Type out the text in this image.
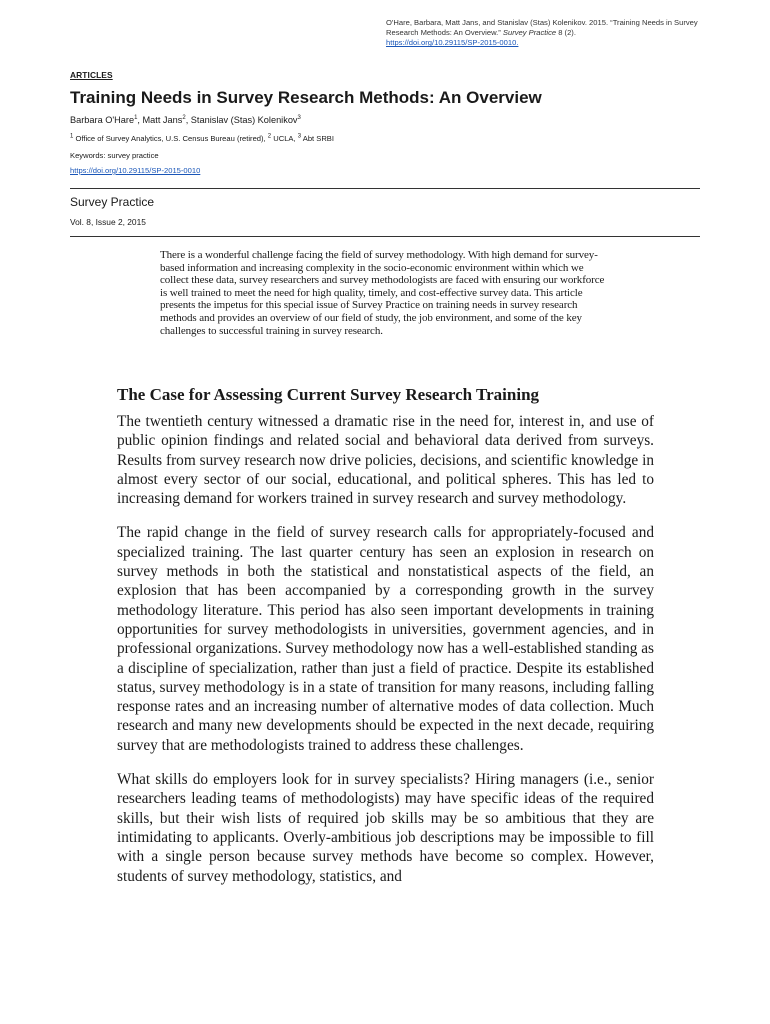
O'Hare, Barbara, Matt Jans, and Stanislav (Stas) Kolenikov. 2015. “Training Needs in Survey Research Methods: An Overview.” Survey Practice 8 (2).
https://doi.org/10.29115/SP-2015-0010.
ARTICLES
Training Needs in Survey Research Methods: An Overview
Barbara O'Hare$^1$, Matt Jans$^2$, Stanislav (Stas) Kolenikov$^3$
$^1$ Office of Survey Analytics, U.S. Census Bureau (retired), $^2$ UCLA, $^3$ Abt SRBI
Keywords: survey practice
https://doi.org/10.29115/SP-2015-0010
Survey Practice
Vol. 8, Issue 2, 2015

There is a wonderful challenge facing the field of survey methodology. With high demand for survey-based information and increasing complexity in the socio-economic environment within which we collect these data, survey researchers and survey methodologists are faced with ensuring our workforce is well trained to meet the need for high quality, timely, and cost-effective survey data. This article presents the impetus for this special issue of Survey Practice on training needs in survey research methods and provides an overview of our field of study, the job environment, and some of the key challenges to successful training in survey research.

The Case for Assessing Current Survey Research Training

The twentieth century witnessed a dramatic rise in the need for, interest in, and use of public opinion findings and related social and behavioral data derived from surveys. Results from survey research now drive policies, decisions, and scientific knowledge in almost every sector of our social, educational, and political spheres. This has led to increasing demand for workers trained in survey research and survey methodology.

The rapid change in the field of survey research calls for appropriately-focused and specialized training. The last quarter century has seen an explosion in research on survey methods in both the statistical and nonstatistical aspects of the field, an explosion that has been accompanied by a corresponding growth in the survey methodology literature. This period has also seen important developments in training opportunities for survey methodologists in universities, government agencies, and in professional organizations. Survey methodology now has a well-established standing as a discipline of specialization, rather than just a field of practice. Despite its established status, survey methodology is in a state of transition for many reasons, including falling response rates and an increasing number of alternative modes of data collection. Much research and many new developments should be expected in the next decade, requiring survey that are methodologists trained to address these challenges.

What skills do employers look for in survey specialists? Hiring managers (i.e., senior researchers leading teams of methodologists) may have specific ideas of the required skills, but their wish lists of required job skills may be so ambitious that they are intimidating to applicants. Overly-ambitious job descriptions may be impossible to fill with a single person because survey methods have become so complex. However, students of survey methodology, statistics, and
